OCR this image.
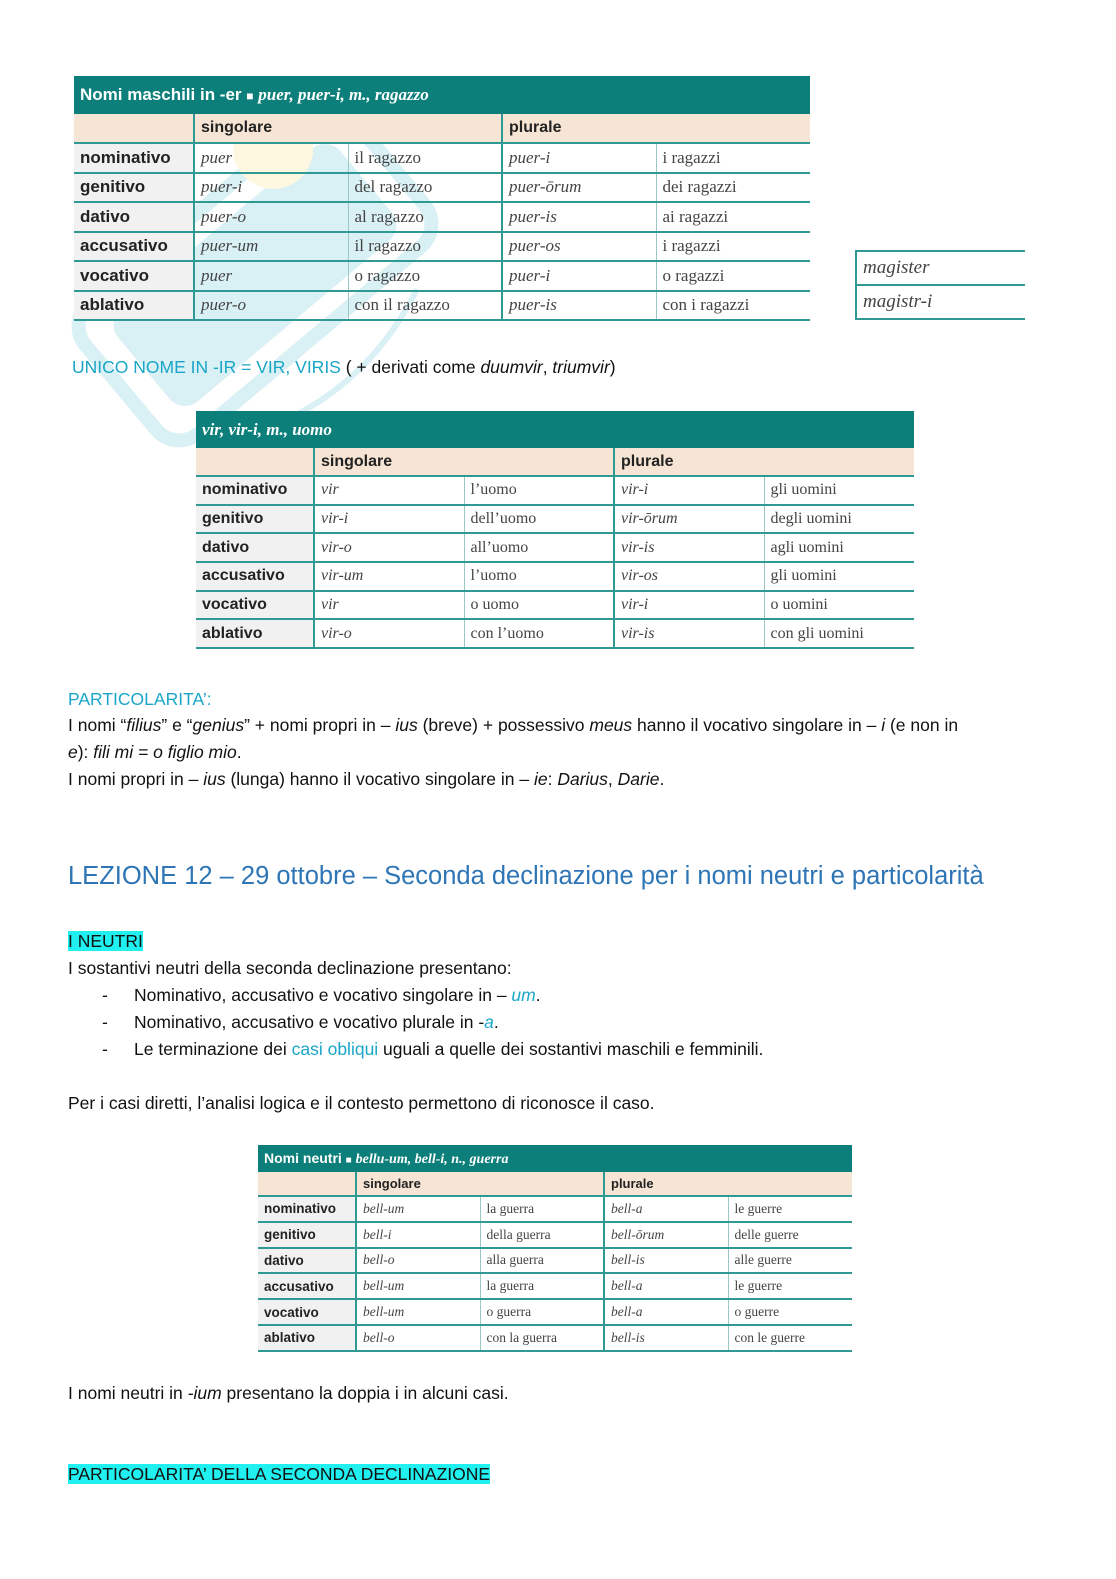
Nomi maschili in -er ■ puer, puer-i, m., ragazzo				
	singolare		plurale	
nominativo	puer	il ragazzo	puer-i	i ragazzi
genitivo	puer-i	del ragazzo	puer-ōrum	dei ragazzi
dativo	puer-o	al ragazzo	puer-is	ai ragazzi
accusativo	puer-um	il ragazzo	puer-os	i ragazzi
vocativo	puer	o ragazzo	puer-i	o ragazzi
ablativo	puer-o	con il ragazzo	puer-is	con i ragazzi
magister
magistr-i
UNICO NOME IN -IR = VIR, VIRIS ( + derivati come duumvir, triumvir)
vir, vir-i, m., uomo				
	singolare		plurale	
nominativo	vir	l’uomo	vir-i	gli uomini
genitivo	vir-i	dell’uomo	vir-ōrum	degli uomini
dativo	vir-o	all’uomo	vir-is	agli uomini
accusativo	vir-um	l’uomo	vir-os	gli uomini
vocativo	vir	o uomo	vir-i	o uomini
ablativo	vir-o	con l’uomo	vir-is	con gli uomini
PARTICOLARITA’:
I nomi “filius” e “genius” + nomi propri in – ius (breve) + possessivo meus hanno il vocativo singolare in – i (e non in
e): fili mi = o figlio mio.
I nomi propri in – ius (lunga) hanno il vocativo singolare in – ie: Darius, Darie.
LEZIONE 12 – 29 ottobre – Seconda declinazione per i nomi neutri e particolarità
I NEUTRI
I sostantivi neutri della seconda declinazione presentano:
- Nominativo, accusativo e vocativo singolare in – um.
- Nominativo, accusativo e vocativo plurale in -a.
- Le terminazione dei casi obliqui uguali a quelle dei sostantivi maschili e femminili.
Per i casi diretti, l’analisi logica e il contesto permettono di riconosce il caso.
Nomi neutri ■ bellu-um, bell-i, n., guerra				
	singolare		plurale	
nominativo	bell-um	la guerra	bell-a	le guerre
genitivo	bell-i	della guerra	bell-ōrum	delle guerre
dativo	bell-o	alla guerra	bell-is	alle guerre
accusativo	bell-um	la guerra	bell-a	le guerre
vocativo	bell-um	o guerra	bell-a	o guerre
ablativo	bell-o	con la guerra	bell-is	con le guerre
I nomi neutri in -ium presentano la doppia i in alcuni casi.
PARTICOLARITA’ DELLA SECONDA DECLINAZIONE
